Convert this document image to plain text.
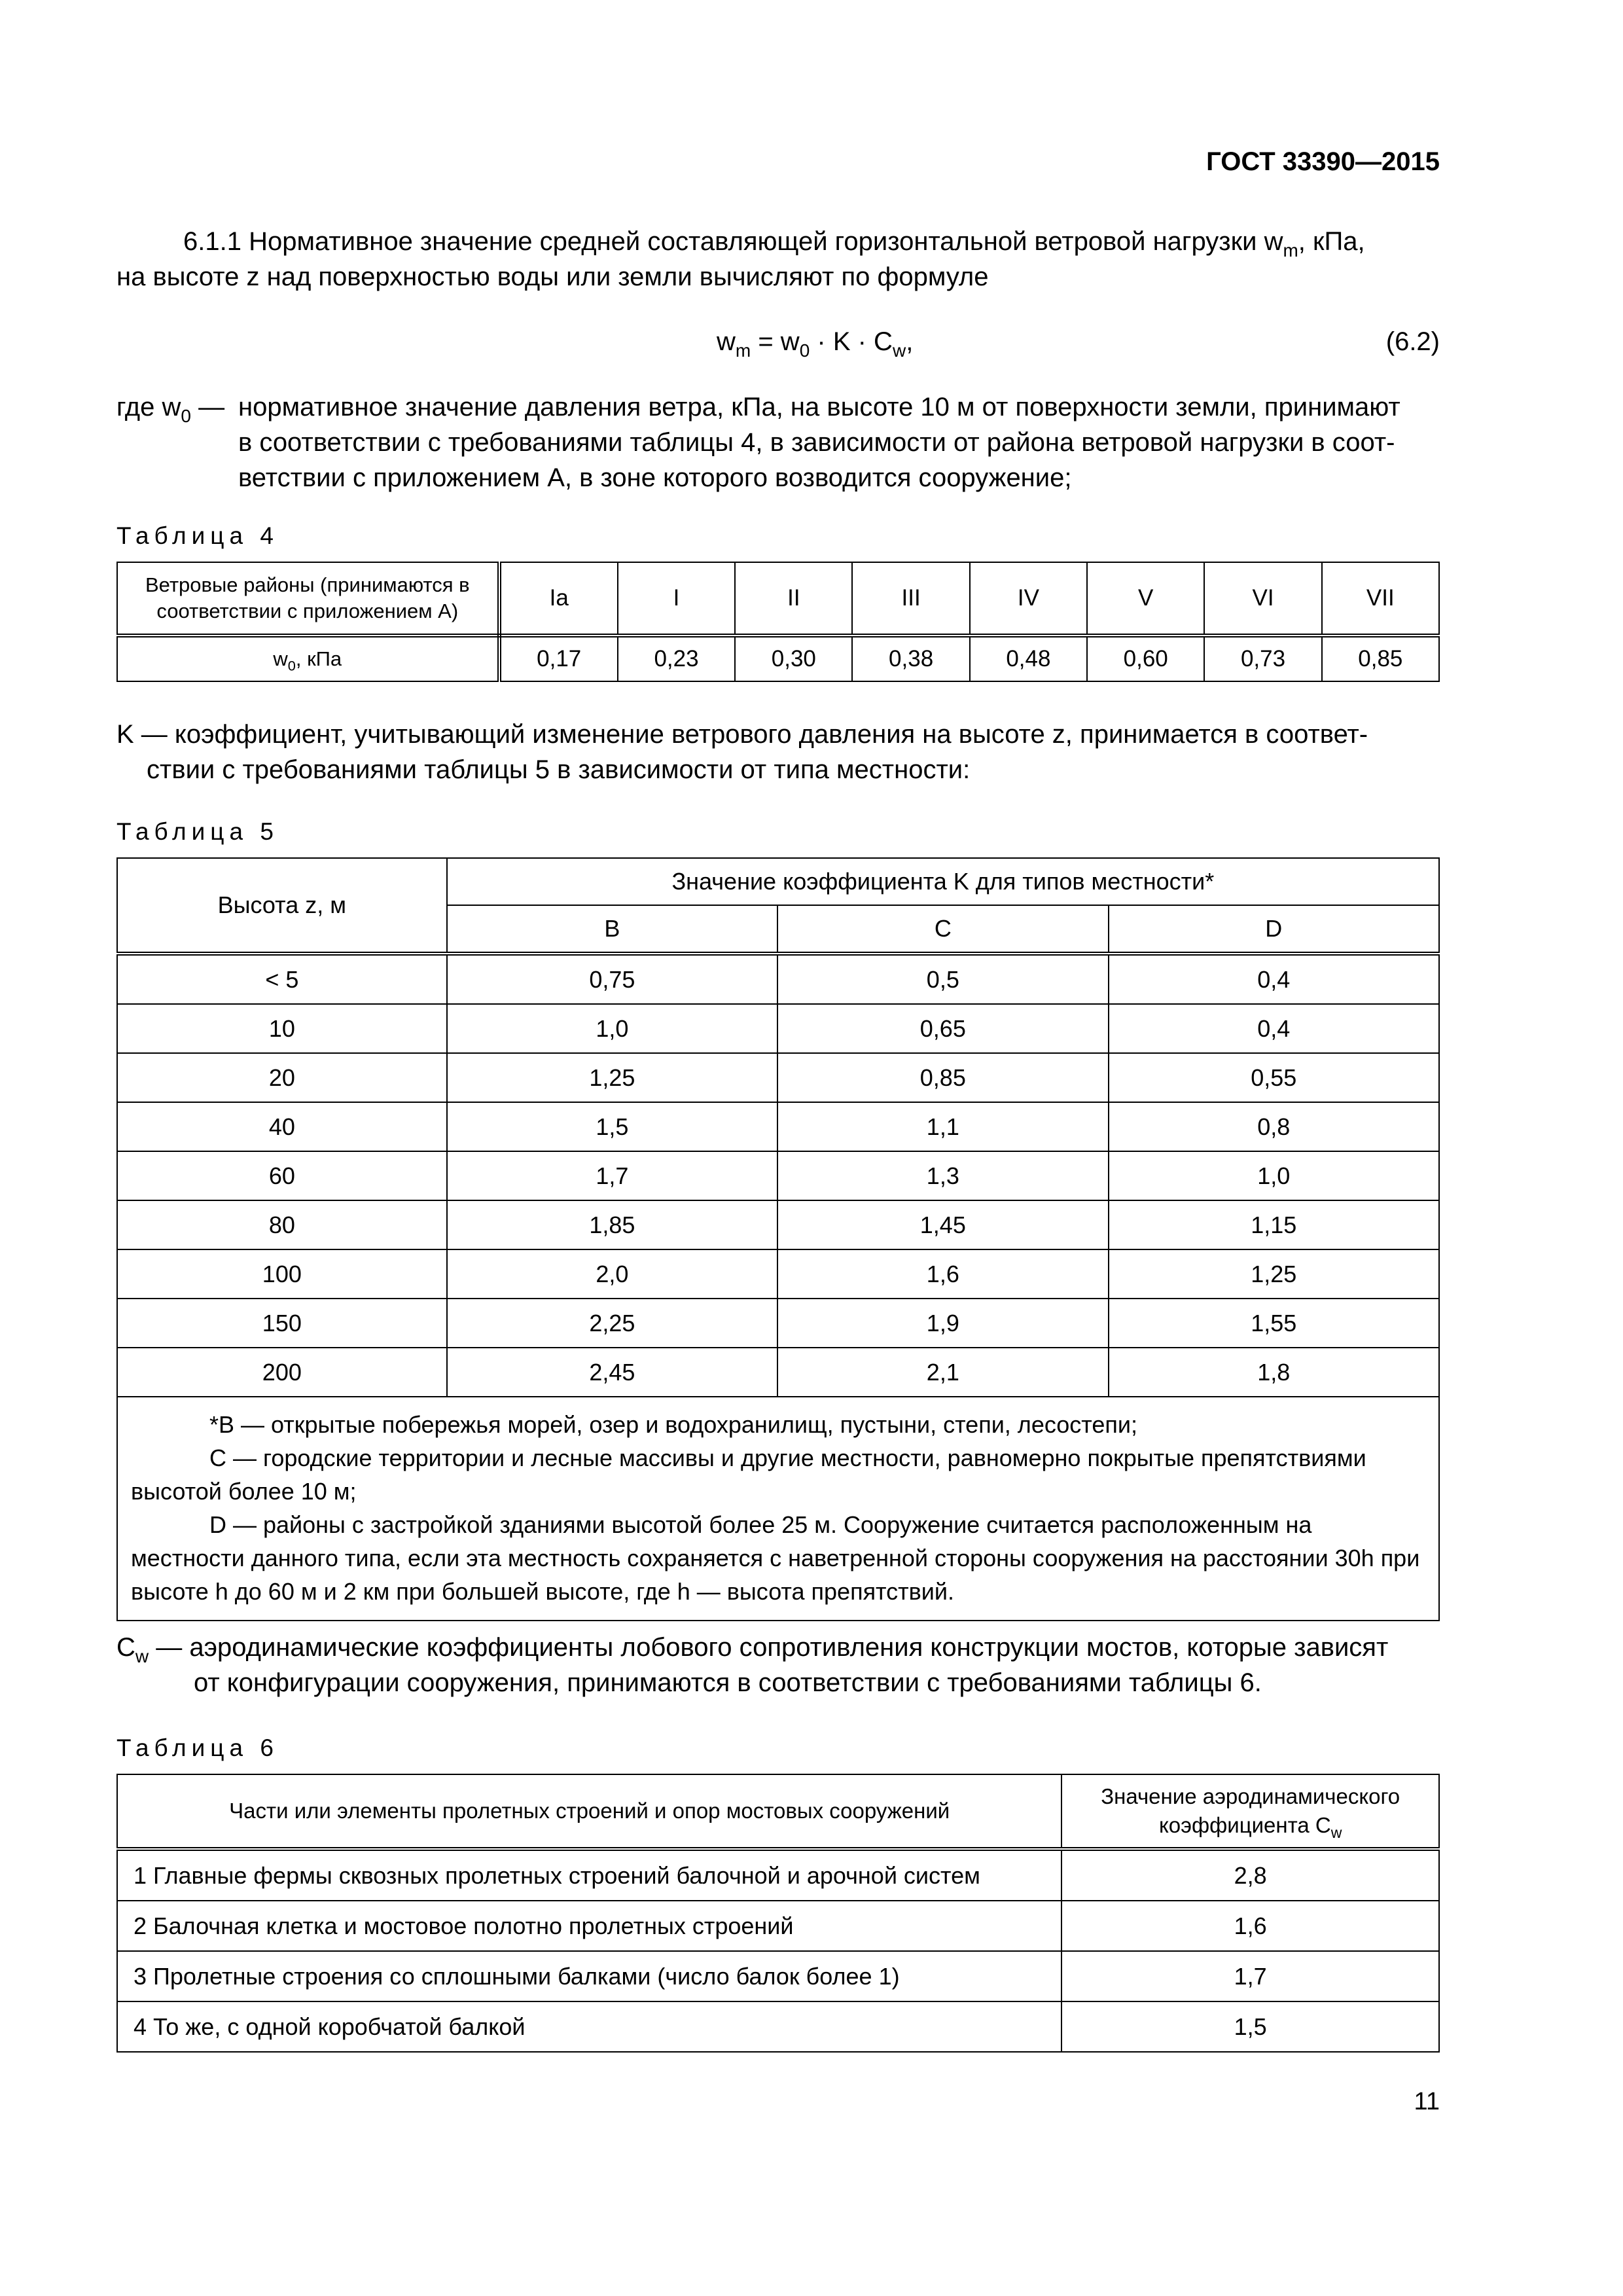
ГОСТ 33390—2015
6.1.1 Нормативное значение средней составляющей горизонтальной ветровой нагрузки $w_m$, кПа,
на высоте z над поверхностью воды или земли вычисляют по формуле
$w_m = w_0 \cdot K \cdot C_w$,	(6.2)
где $w_0$ — нормативное значение давления ветра, кПа, на высоте 10 м от поверхности земли, принимают
в соответствии с требованиями таблицы 4, в зависимости от района ветровой нагрузки в соот-
ветствии с приложением А, в зоне которого возводится сооружение;
Таблица 4
Ветровые районы (принимаются в соответствии с приложением А)	Ia	I	II	III	IV	V	VI	VII
$w_0$, кПа	0,17	0,23	0,30	0,38	0,48	0,60	0,73	0,85
K — коэффициент, учитывающий изменение ветрового давления на высоте z, принимается в соответ-
ствии с требованиями таблицы 5 в зависимости от типа местности:
Таблица 5
Высота z, м	Значение коэффициента K для типов местности*		
	B	C	D
< 5	0,75	0,5	0,4
10	1,0	0,65	0,4
20	1,25	0,85	0,55
40	1,5	1,1	0,8
60	1,7	1,3	1,0
80	1,85	1,45	1,15
100	2,0	1,6	1,25
150	2,25	1,9	1,55
200	2,45	2,1	1,8

*B — открытые побережья морей, озер и водохранилищ, пустыни, степи, лесостепи;

C — городские территории и лесные массивы и другие местности, равномерно покрытые препятствиями высотой более 10 м;

D — районы с застройкой зданиями высотой более 25 м. Сооружение считается расположенным на местности данного типа, если эта местность сохраняется с наветренной стороны сооружения на расстоянии 30h при высоте h до 60 м и 2 км при большей высоте, где h — высота препятствий.			

$C_w$ — аэродинамические коэффициенты лобового сопротивления конструкции мостов, которые зависят
от конфигурации сооружения, принимаются в соответствии с требованиями таблицы 6.
Таблица 6
Части или элементы пролетных строений и опор мостовых сооружений	Значение аэродинамического
коэффициента $C_w$

1 Главные фермы сквозных пролетных строений балочной и арочной систем	2,8
2 Балочная клетка и мостовое полотно пролетных строений	1,6
3 Пролетные строения со сплошными балками (число балок более 1)	1,7
4 То же, с одной коробчатой балкой	1,5
11
